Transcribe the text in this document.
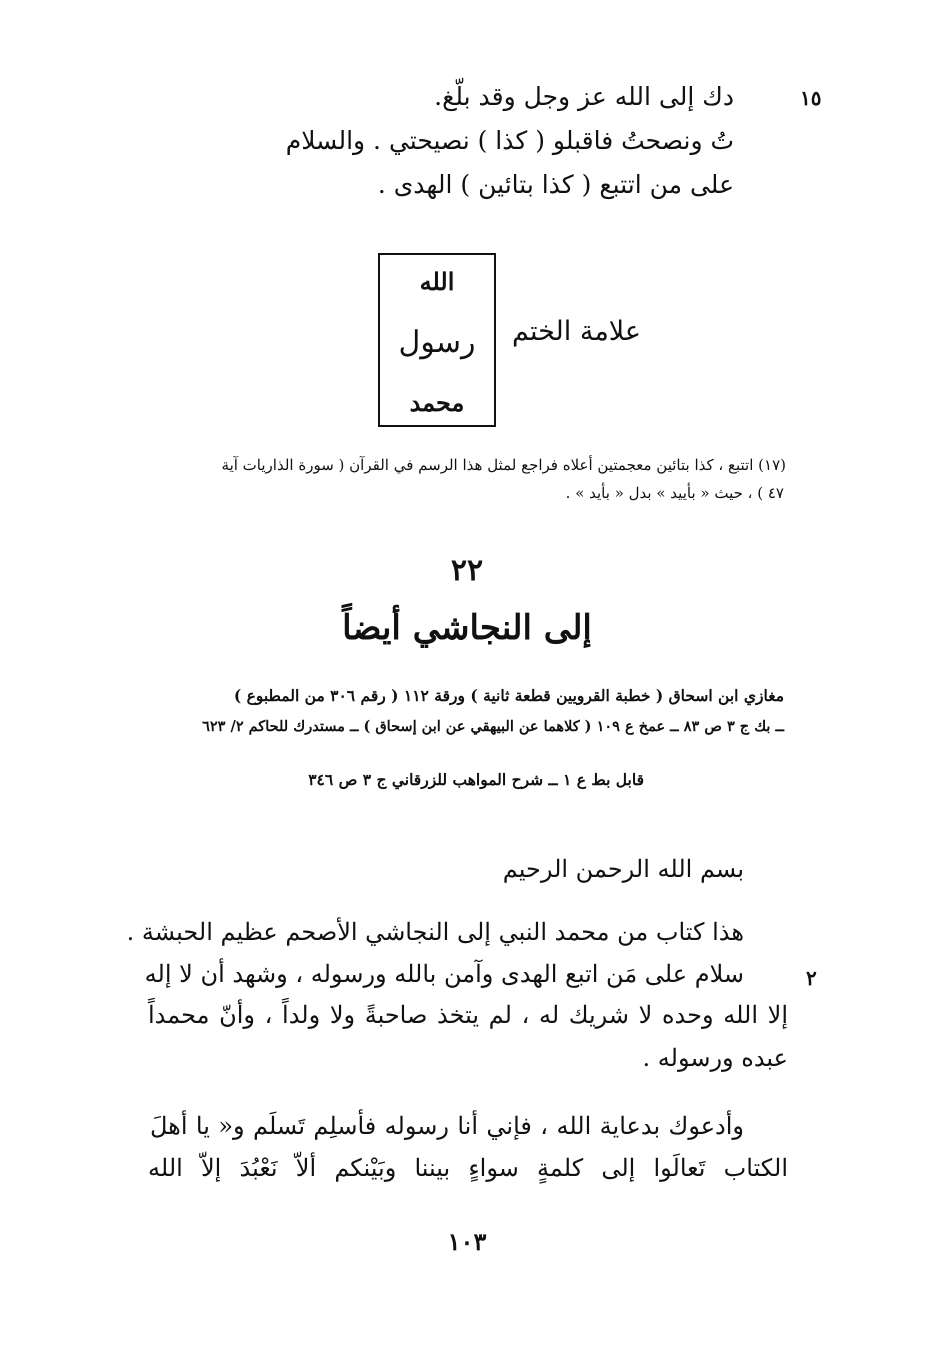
١٥
دك إلى الله عز وجل وقد بلّغ‏.
تُ ونصحتُ فاقبلو ( كذا ) نصيحتي . والسلام
على من اتتبع ( كذا بتائين ) الهدى .
علامة الختم
الله
رسول
محمد
(١٧) اتتبع ، كذا بتائين معجمتين أعلاه فراجع لمثل هذا الرسم في القرآن ( سورة الذاريات آية
٤٧ ) ، حيث « بأييد » بدل « بأيد » .
٢٢
إلى النجاشي أيضاً
مغازي ابن اسحاق ( خطبة القرويين قطعة ثانية ) ورقة ١١٢ ( رقم ٣٠٦ من المطبوع )
ــ بك ج ٣ ص ٨٣ ــ عمخ ع ١٠٩ ( كلاهما عن البيهقي عن ابن إسحاق ) ــ مستدرك للحاكم ٢/ ٦٢٣
قابل بط ع ١ ــ شرح المواهب للزرقاني ج ٣ ص ٣٤٦
بسم الله الرحمن الرحيم
هذا كتاب من محمد النبي إلى النجاشي الأصحم عظيم الحبشة .
٢
سلام على مَن اتبع الهدى وآمن بالله ورسوله ، وشهد أن لا إله
إلا الله وحده لا شريك له ، لم يتخذ صاحبةً ولا ولداً ، وأنّ محمداً
عبده ورسوله .
وأدعوك بدعاية الله ، فإني أنا رسوله فأسلِم تَسلَم و« يا أهلَ
الكتاب تَعالَوا إلى كلمةٍ سواءٍ بيننا وبَيْنكم ألاّ نَعْبُدَ إلاّ الله
١٠٣
